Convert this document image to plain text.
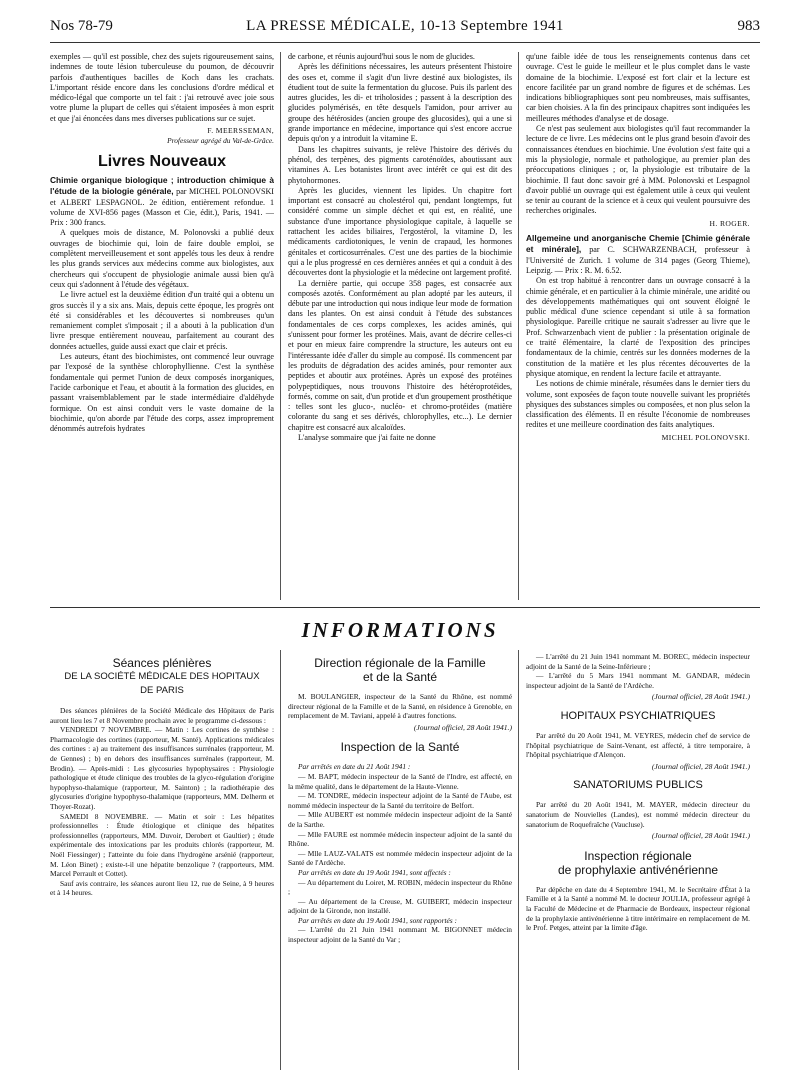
Nos 78-79	LA PRESSE MÉDICALE, 10-13 Septembre 1941	983

exemples — qu'il est possible, chez des sujets rigoureusement sains, indemnes de toute lésion tuberculeuse du poumon, de découvrir parfois d'authentiques bacilles de Koch dans les crachats. L'important réside encore dans les conclusions d'ordre médical et médico-légal que comporte un tel fait : j'ai retrouvé avec joie sous votre plume la plupart de celles qui s'étaient imposées à mon esprit et que j'ai énoncées dans mes diverses publications sur ce sujet.

F. MEERSSEMAN,
Professeur agrégé du Val-de-Grâce.
Livres Nouveaux

Chimie organique biologique ; introduction chimique à l'étude de la biologie générale, par MICHEL POLONOVSKI et ALBERT LESPAGNOL. 2e édition, entièrement refondue. 1 volume de XVI-856 pages (Masson et Cie, édit.), Paris, 1941. — Prix : 300 francs.

A quelques mois de distance, M. Polonovski a publié deux ouvrages de biochimie qui, loin de faire double emploi, se complètent merveilleusement et sont appelés tous les deux à rendre les plus grands services aux médecins comme aux biologistes, aux chercheurs qui s'occupent de physiologie animale aussi bien qu'à ceux qui s'adonnent à l'étude des végétaux.

Le livre actuel est la deuxième édition d'un traité qui a obtenu un gros succès il y a six ans. Mais, depuis cette époque, les progrès ont été si considérables et les découvertes si nombreuses qu'un remaniement complet s'imposait ; il a abouti à la publication d'un livre presque entièrement nouveau, parfaitement au courant des données actuelles, guide aussi exact que clair et précis.

Les auteurs, étant des biochimistes, ont commencé leur ouvrage par l'exposé de la synthèse chlorophyllienne. C'est la synthèse fondamentale qui permet l'union de deux composés inorganiques, l'acide carbonique et l'eau, et aboutit à la formation des glucides, en passant vraisemblablement par le stade intermédiaire d'aldéhyde formique. On est ainsi conduit vers le vaste domaine de la biochimie, qu'on aborde par l'étude des corps, assez improprement dénommés autrefois hydrates

de carbone, et réunis aujourd'hui sous le nom de glucides.

Après les définitions nécessaires, les auteurs présentent l'histoire des oses et, comme il s'agit d'un livre destiné aux biologistes, ils étudient tout de suite la fermentation du glucose. Puis ils parlent des autres glucides, les di- et triholosides ; passent à la description des glucides polymérisés, en tête desquels l'amidon, pour arriver au groupe des hétérosides (ancien groupe des glucosides), qui a une si grande importance en médecine, importance qui s'est encore accrue depuis qu'on y a introduit la vitamine E.

Dans les chapitres suivants, je relève l'histoire des dérivés du phénol, des terpènes, des pigments caroténoïdes, aboutissant aux vitamines A. Les botanistes liront avec intérêt ce qui est dit des phytohormones.

Après les glucides, viennent les lipides. Un chapitre fort important est consacré au cholestérol qui, pendant longtemps, fut considéré comme un simple déchet et qui est, en réalité, une substance d'une importance physiologique capitale, à laquelle se rattachent les acides biliaires, l'ergostérol, la vitamine D, les médicaments cardiotoniques, le venin de crapaud, les hormones génitales et corticosurrénales. C'est une des parties de la biochimie qui a le plus progressé en ces dernières années et qui a conduit à des découvertes dont la physiologie et la médecine ont largement profité.

La dernière partie, qui occupe 358 pages, est consacrée aux composés azotés. Conformément au plan adopté par les auteurs, il débute par une introduction qui nous indique leur mode de formation dans les plantes. On est ainsi conduit à l'étude des substances fondamentales de ces corps complexes, les acides aminés, qui s'unissent pour former les protéines. Mais, avant de décrire celles-ci et pour en mieux faire comprendre la structure, les auteurs ont eu l'intéressante idée d'aller du simple au composé. Ils commencent par les produits de dégradation des acides aminés, pour remonter aux peptides et aboutir aux protéines. Après un exposé des protéines polypeptidiques, nous trouvons l'histoire des hétéroprotéides, formés, comme on sait, d'un protide et d'un groupement prosthétique : telles sont les gluco-, nucléo- et chromo-protéides (matière colorante du sang et ses dérivés, chlorophylles, etc...). Le dernier chapitre est consacré aux alcaloïdes.

L'analyse sommaire que j'ai faite ne donne

qu'une faible idée de tous les renseignements contenus dans cet ouvrage. C'est le guide le meilleur et le plus complet dans le vaste domaine de la biochimie. L'exposé est fort clair et la lecture est encore facilitée par un grand nombre de figures et de schémas. Les indications bibliographiques sont peu nombreuses, mais suffisantes, car bien choisies. A la fin des principaux chapitres sont indiquées les meilleures méthodes d'analyse et de dosage.

Ce n'est pas seulement aux biologistes qu'il faut recommander la lecture de ce livre. Les médecins ont le plus grand besoin d'avoir des connaissances étendues en biochimie. Une évolution s'est faite qui a mis la physiologie, normale et pathologique, au premier plan des préoccupations cliniques ; or, la physiologie est tributaire de la biochimie. Il faut donc savoir gré à MM. Polonovski et Lespagnol d'avoir publié un ouvrage qui est également utile à ceux qui veulent se tenir au courant de la science et à ceux qui veulent poursuivre des recherches originales.

H. ROGER.

Allgemeine und anorganische Chemie [Chimie générale et minérale], par C. SCHWARZENBACH, professeur à l'Université de Zurich. 1 volume de 314 pages (Georg Thieme), Leipzig. — Prix : R. M. 6.52.

On est trop habitué à rencontrer dans un ouvrage consacré à la chimie générale, et en particulier à la chimie minérale, une aridité ou des développements mathématiques qui ont souvent éloigné le public médical d'une science cependant si utile à sa formation physiologique. Pareille critique ne saurait s'adresser au livre que le Prof. Schwarzenbach vient de publier : la présentation originale de ce traité élémentaire, la clarté de l'exposition des principes fondamentaux de la chimie, centrés sur les données modernes de la constitution de la matière et les plus récentes découvertes de la physique atomique, en rendent la lecture facile et attrayante.

Les notions de chimie minérale, résumées dans le dernier tiers du volume, sont exposées de façon toute nouvelle suivant les propriétés physiques des substances simples ou composées, et non plus selon la classification des éléments. Il en résulte l'économie de nombreuses redites et une meilleure coordination des faits analytiques.

MICHEL POLONOVSKI.
INFORMATIONS
Séances plénières
DE LA SOCIÉTÉ MÉDICALE DES HOPITAUX
DE PARIS

Des séances plénières de la Société Médicale des Hôpitaux de Paris auront lieu les 7 et 8 Novembre prochain avec le programme ci-dessous :

VENDREDI 7 NOVEMBRE. — Matin : Les cortines de synthèse : Pharmacologie des cortines (rapporteur, M. Santé). Applications médicales des cortines : a) au traitement des insuffisances surrénales (rapporteur, M. de Gennes) ; b) en dehors des insuffisances surrénales (rapporteur, M. Brodin). — Après-midi : Les glycosuries hypophysaires : Physiologie pathologique et étude clinique des troubles de la glyco-régulation d'origine hypophyso-thalamique (rapporteur, M. Sainton) ; la radiothérapie des glycosuries d'origine hypophyso-thalamique (rapporteurs, MM. Delherm et Thoyer-Rozat).

SAMEDI 8 NOVEMBRE. — Matin et soir : Les hépatites professionnelles : Étude étiologique et clinique des hépatites professionnelles (rapporteurs, MM. Duvoir, Derobert et Gaultier) ; étude expérimentale des intoxications par les produits chlorés (rapporteur, M. Noël Fiessinger) ; l'atteinte du foie dans l'hydrogène arsénié (rapporteur, M. Léon Binet) ; existe-t-il une hépatite benzolique ? (rapporteurs, MM. Marcel Perrault et Cottet).

Sauf avis contraire, les séances auront lieu 12, rue de Seine, à 9 heures et à 14 heures.

Direction régionale de la Famille
et de la Santé

M. BOULANGIER, inspecteur de la Santé du Rhône, est nommé directeur régional de la Famille et de la Santé, en résidence à Grenoble, en remplacement de M. Taviani, appelé à d'autres fonctions.

(Journal officiel, 28 Août 1941.)
Inspection de la Santé

Par arrêtés en date du 21 Août 1941 :

— M. BAPT, médecin inspecteur de la Santé de l'Indre, est affecté, en la même qualité, dans le département de la Haute-Vienne.

— M. TONDRE, médecin inspecteur adjoint de la Santé de l'Aube, est nommé médecin inspecteur de la Santé du territoire de Belfort.

— Mlle AUBERT est nommée médecin inspecteur adjoint de la Santé de la Sarthe.

— Mlle FAURE est nommée médecin inspecteur adjoint de la santé du Rhône.

— Mlle LAUZ-VALATS est nommée médecin inspecteur adjoint de la Santé de l'Ardèche.

Par arrêtés en date du 19 Août 1941, sont affectés :

— Au département du Loiret, M. ROBIN, médecin inspecteur du Rhône ;

— Au département de la Creuse, M. GUIBERT, médecin inspecteur adjoint de la Gironde, non installé.

Par arrêtés en date du 19 Août 1941, sont rapportés :

— L'arrêté du 21 Juin 1941 nommant M. BIGONNET médecin inspecteur adjoint de la Santé du Var ;

— L'arrêté du 21 Juin 1941 nommant M. BOREC, médecin inspecteur adjoint de la Santé de la Seine-Inférieure ;

— L'arrêté du 5 Mars 1941 nommant M. GANDAR, médecin inspecteur adjoint de la Santé de l'Ardèche.

(Journal officiel, 28 Août 1941.)
HOPITAUX PSYCHIATRIQUES

Par arrêté du 20 Août 1941, M. VEYRES, médecin chef de service de l'hôpital psychiatrique de Saint-Venant, est affecté, à titre temporaire, à l'hôpital psychiatrique d'Alençon.

(Journal officiel, 28 Août 1941.)
SANATORIUMS PUBLICS

Par arrêté du 20 Août 1941, M. MAYER, médecin directeur du sanatorium de Nouvielles (Landes), est nommé médecin directeur du sanatorium de Roquefraîche (Vaucluse).

(Journal officiel, 28 Août 1941.)
Inspection régionale
de prophylaxie antivénérienne

Par dépêche en date du 4 Septembre 1941, M. le Secrétaire d'État à la Famille et à la Santé a nommé M. le docteur JOULIA, professeur agrégé à la Faculté de Médecine et de Pharmacie de Bordeaux, inspecteur régional de la prophylaxie antivénérienne à titre intérimaire en remplacement de M. le Prof. Petges, atteint par la limite d'âge.
